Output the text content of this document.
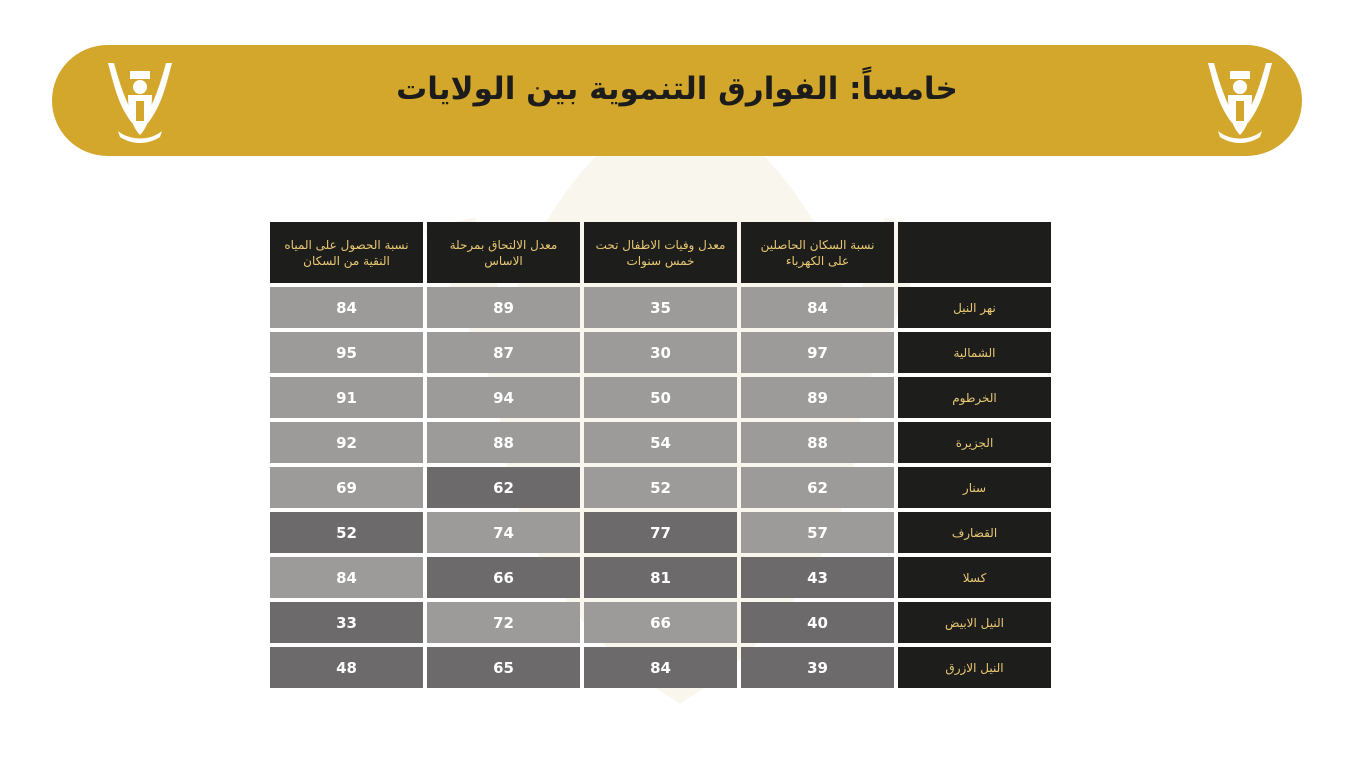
خامساً: الفوارق التنموية بين الولايات

	نسبة السكان الحاصلين على الكهرباء	معدل وفيات الاطفال تحت خمس سنوات	معدل الالتحاق بمرحلة الاساس	نسبة الحصول على المياه النقية من السكان

نهر النيل	84	35	89	84
الشمالية	97	30	87	95
الخرطوم	89	50	94	91
الجزيرة	88	54	88	92
سنار	62	52	62	69
القضارف	57	77	74	52
كسلا	43	81	66	84
النيل الابيض	40	66	72	33
النيل الازرق	39	84	65	48
